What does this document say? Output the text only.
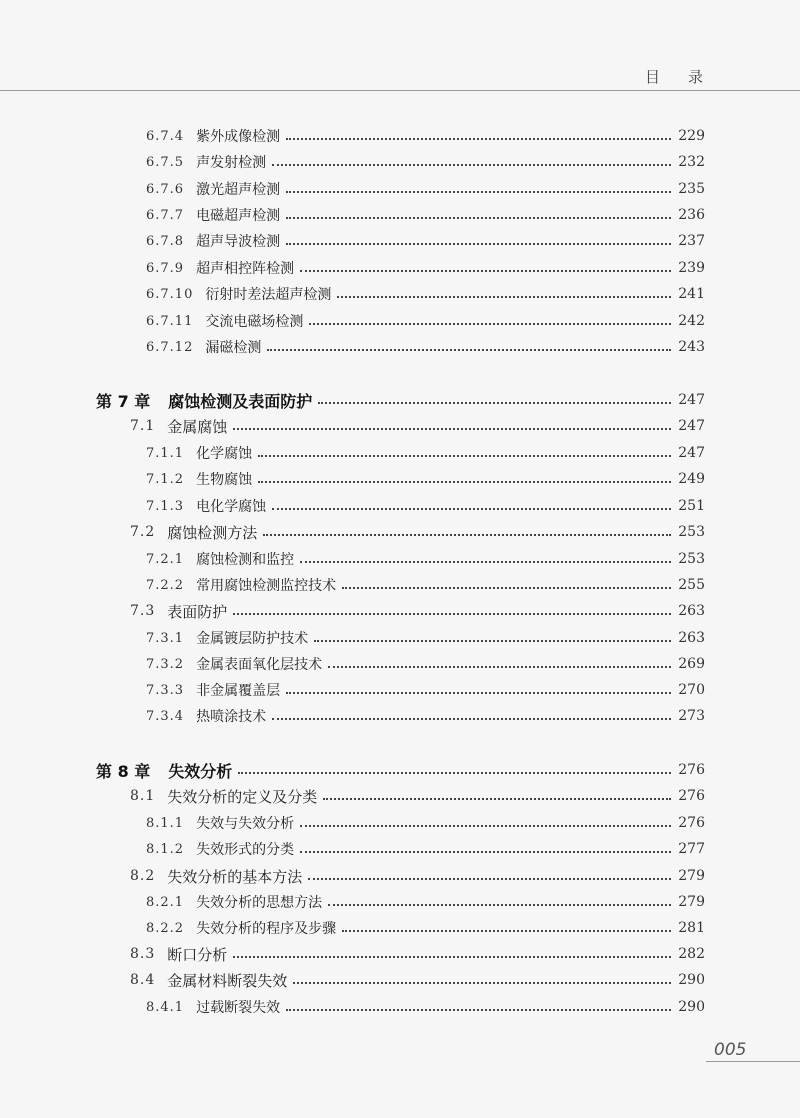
目录
6.7.4 紫外成像检测	229
6.7.5 声发射检测	232
6.7.6 激光超声检测	235
6.7.7 电磁超声检测	236
6.7.8 超声导波检测	237
6.7.9 超声相控阵检测	239
6.7.10 衍射时差法超声检测	241
6.7.11 交流电磁场检测	242
6.7.12 漏磁检测	243
第 7 章 腐蚀检测及表面防护	247
7.1 金属腐蚀	247
7.1.1 化学腐蚀	247
7.1.2 生物腐蚀	249
7.1.3 电化学腐蚀	251
7.2 腐蚀检测方法	253
7.2.1 腐蚀检测和监控	253
7.2.2 常用腐蚀检测监控技术	255
7.3 表面防护	263
7.3.1 金属镀层防护技术	263
7.3.2 金属表面氧化层技术	269
7.3.3 非金属覆盖层	270
7.3.4 热喷涂技术	273
第 8 章 失效分析	276
8.1 失效分析的定义及分类	276
8.1.1 失效与失效分析	276
8.1.2 失效形式的分类	277
8.2 失效分析的基本方法	279
8.2.1 失效分析的思想方法	279
8.2.2 失效分析的程序及步骤	281
8.3 断口分析	282
8.4 金属材料断裂失效	290
8.4.1 过载断裂失效	290
005
